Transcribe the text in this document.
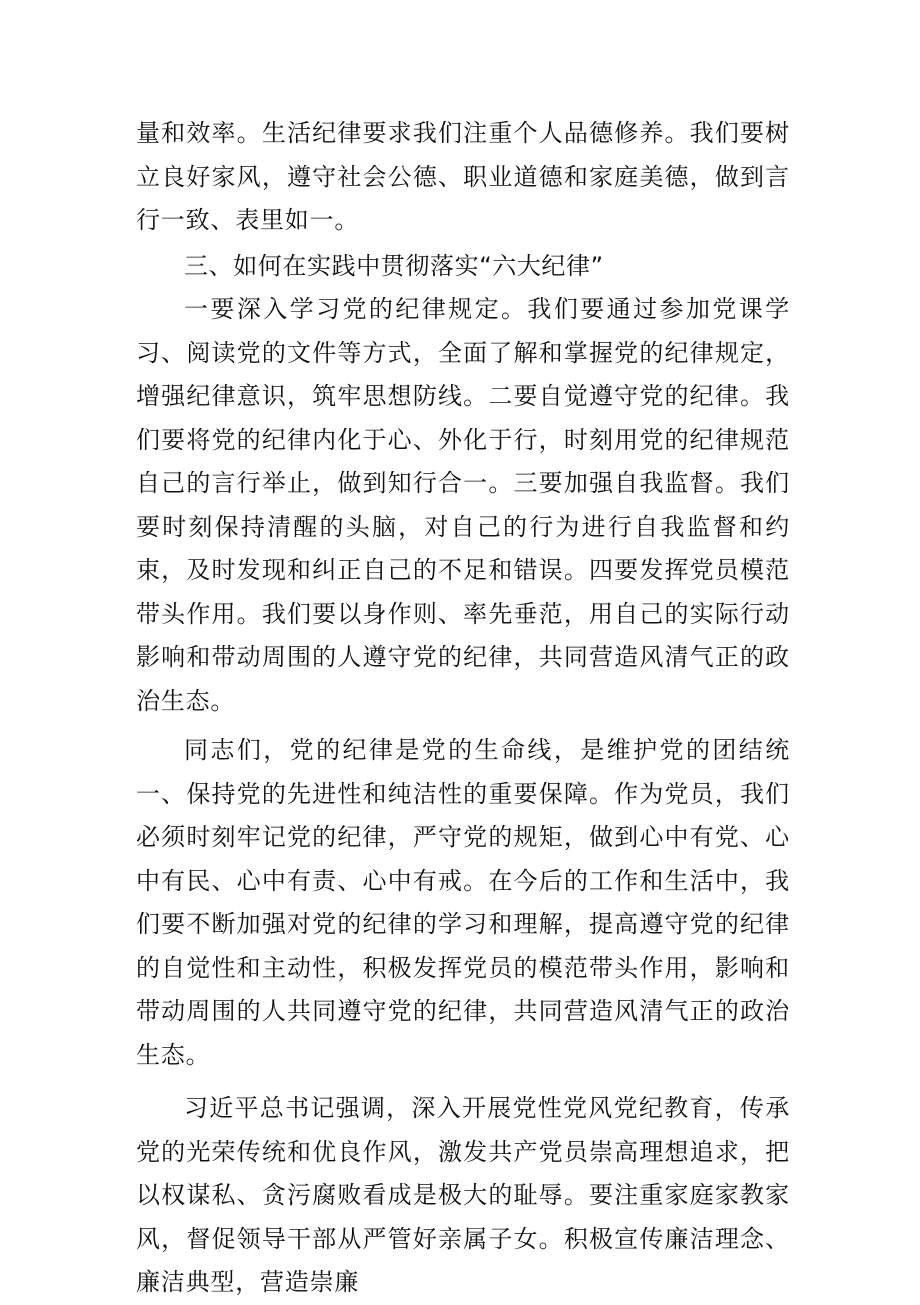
量和效率。生活纪律要求我们注重个人品德修养。我们要树立良好家风，遵守社会公德、职业道德和家庭美德，做到言行一致、表里如一。

三、如何在实践中贯彻落实“六大纪律”

一要深入学习党的纪律规定。我们要通过参加党课学习、阅读党的文件等方式，全面了解和掌握党的纪律规定，增强纪律意识，筑牢思想防线。二要自觉遵守党的纪律。我们要将党的纪律内化于心、外化于行，时刻用党的纪律规范自己的言行举止，做到知行合一。三要加强自我监督。我们要时刻保持清醒的头脑，对自己的行为进行自我监督和约束，及时发现和纠正自己的不足和错误。四要发挥党员模范带头作用。我们要以身作则、率先垂范，用自己的实际行动影响和带动周围的人遵守党的纪律，共同营造风清气正的政治生态。

同志们，党的纪律是党的生命线，是维护党的团结统一、保持党的先进性和纯洁性的重要保障。作为党员，我们必须时刻牢记党的纪律，严守党的规矩，做到心中有党、心中有民、心中有责、心中有戒。在今后的工作和生活中，我们要不断加强对党的纪律的学习和理解，提高遵守党的纪律的自觉性和主动性，积极发挥党员的模范带头作用，影响和带动周围的人共同遵守党的纪律，共同营造风清气正的政治生态。

习近平总书记强调，深入开展党性党风党纪教育，传承党的光荣传统和优良作风，激发共产党员崇高理想追求，把以权谋私、贪污腐败看成是极大的耻辱。要注重家庭家教家风，督促领导干部从严管好亲属子女。积极宣传廉洁理念、廉洁典型，营造崇廉
